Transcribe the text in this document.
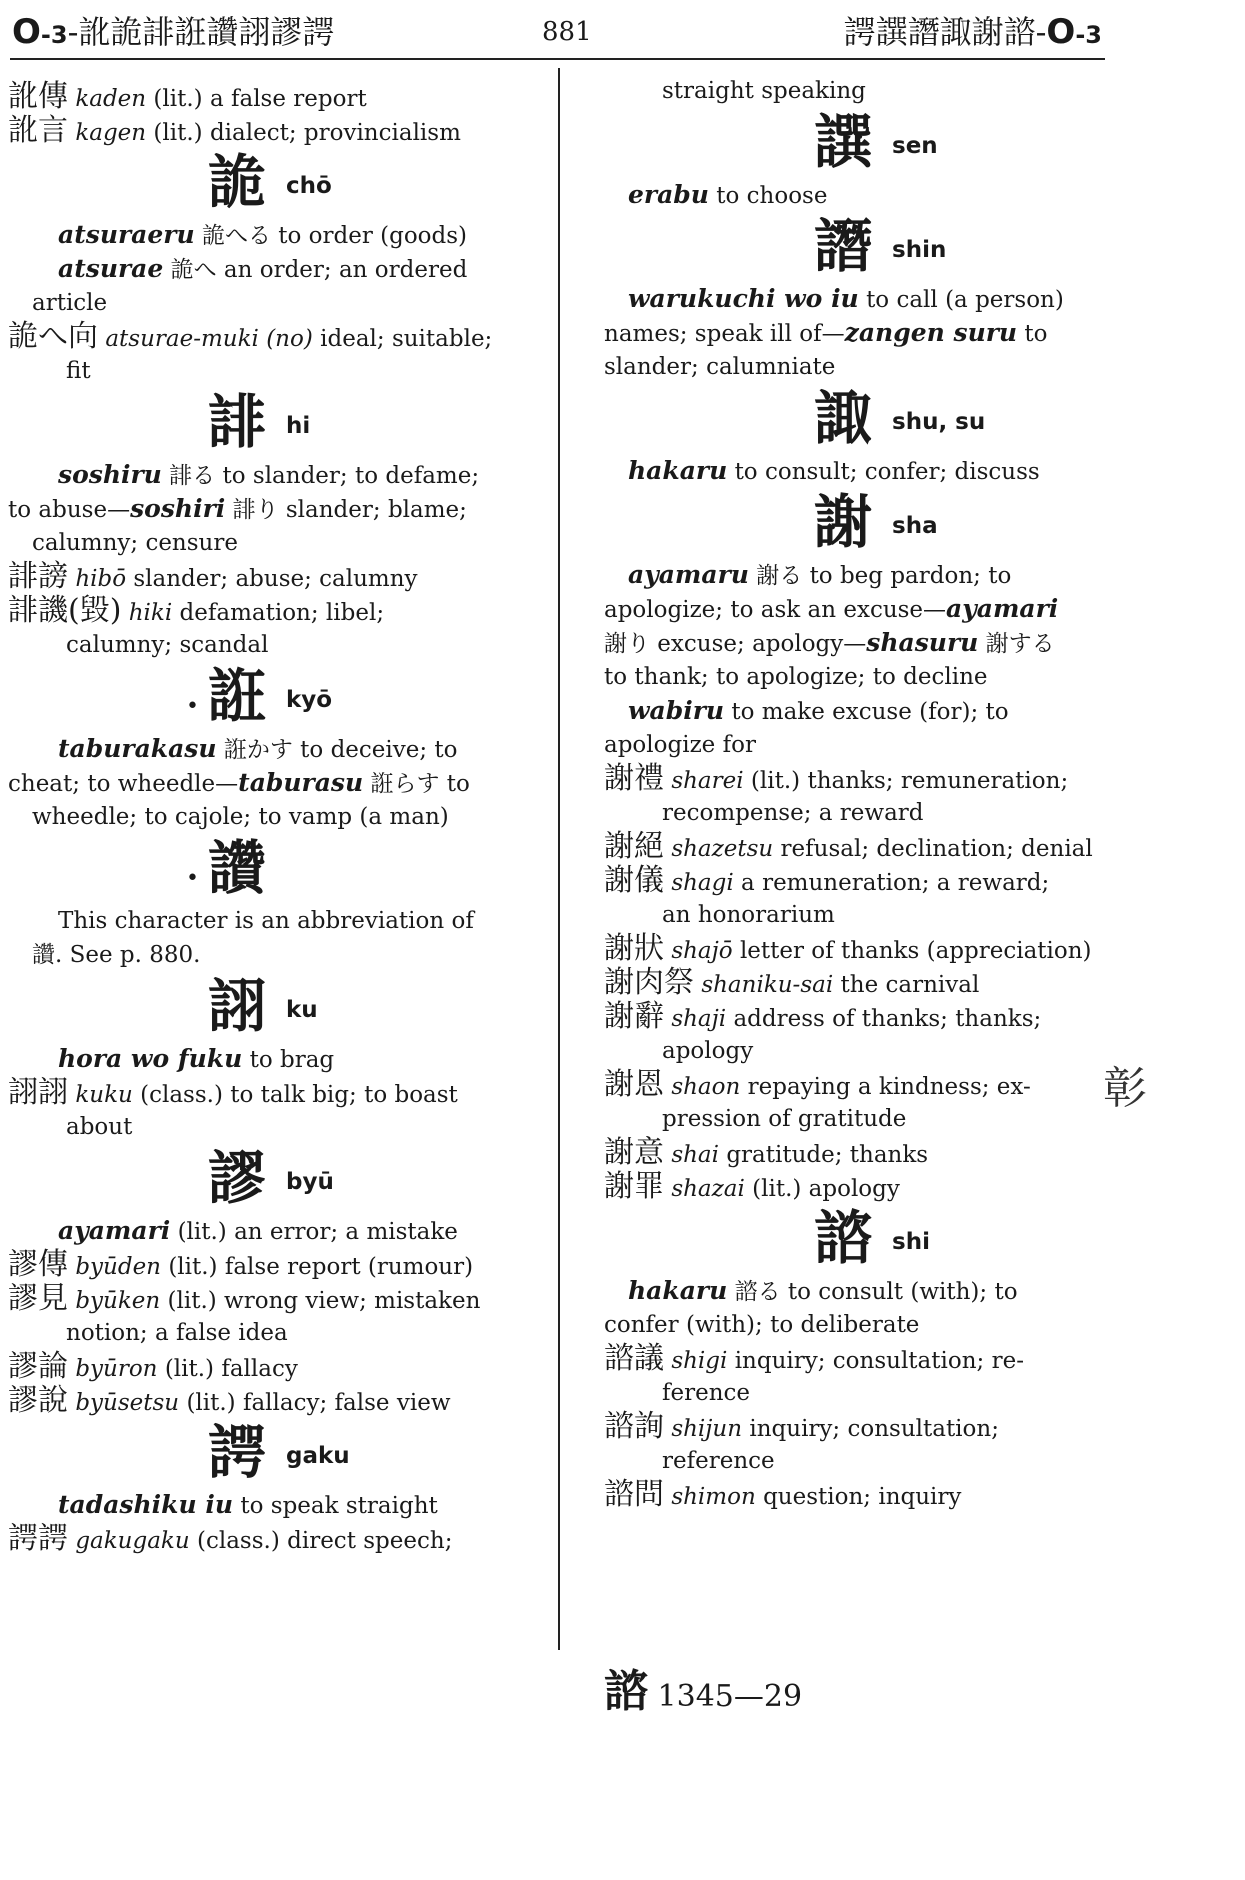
O-3-訛詭誹誑讚詡謬諤	881	諤譔譖諏謝諮-O-3
訛傳 kaden (lit.) a false report
訛言 kagen (lit.) dialect; provincialism
詭 chō
atsuraeru 詭へる to order (goods)
atsurae 詭へ an order; an ordered
article
詭へ向 atsurae-muki (no) ideal; suitable;
fit
誹 hi
soshiru 誹る to slander; to defame;
to abuse—soshiri 誹り slander; blame;
calumny; censure
誹謗 hibō slander; abuse; calumny
誹譏(毀) hiki defamation; libel;
calumny; scandal
• 誑 kyō
taburakasu 誑かす to deceive; to
cheat; to wheedle—taburasu 誑らす to
wheedle; to cajole; to vamp (a man)
• 讚
This character is an abbreviation of
讚. See p. 880.
詡 ku
hora wo fuku to brag
詡詡 kuku (class.) to talk big; to boast
about
謬 byū
ayamari (lit.) an error; a mistake
謬傳 byūden (lit.) false report (rumour)
謬見 byūken (lit.) wrong view; mistaken
notion; a false idea
謬論 byūron (lit.) fallacy
謬說 byūsetsu (lit.) fallacy; false view
諤 gaku
tadashiku iu to speak straight
諤諤 gakugaku (class.) direct speech;
straight speaking
譔 sen
erabu to choose
譖 shin
warukuchi wo iu to call (a person)
names; speak ill of—zangen suru to
slander; calumniate
諏 shu, su
hakaru to consult; confer; discuss
謝 sha
ayamaru 謝る to beg pardon; to
apologize; to ask an excuse—ayamari
謝り excuse; apology—shasuru 謝する
to thank; to apologize; to decline
wabiru to make excuse (for); to
apologize for
謝禮 sharei (lit.) thanks; remuneration;
recompense; a reward
謝絕 shazetsu refusal; declination; denial
謝儀 shagi a remuneration; a reward;
an honorarium
謝狀 shajō letter of thanks (appreciation)
謝肉祭 shaniku-sai the carnival
謝辭 shaji address of thanks; thanks;
apology
謝恩 shaon repaying a kindness; ex-
pression of gratitude
謝意 shai gratitude; thanks
謝罪 shazai (lit.) apology
諮 shi
hakaru 諮る to consult (with); to
confer (with); to deliberate
諮議 shigi inquiry; consultation; re-
ference
諮詢 shijun inquiry; consultation;
reference
諮問 shimon question; inquiry
諮 1345—29
彰
